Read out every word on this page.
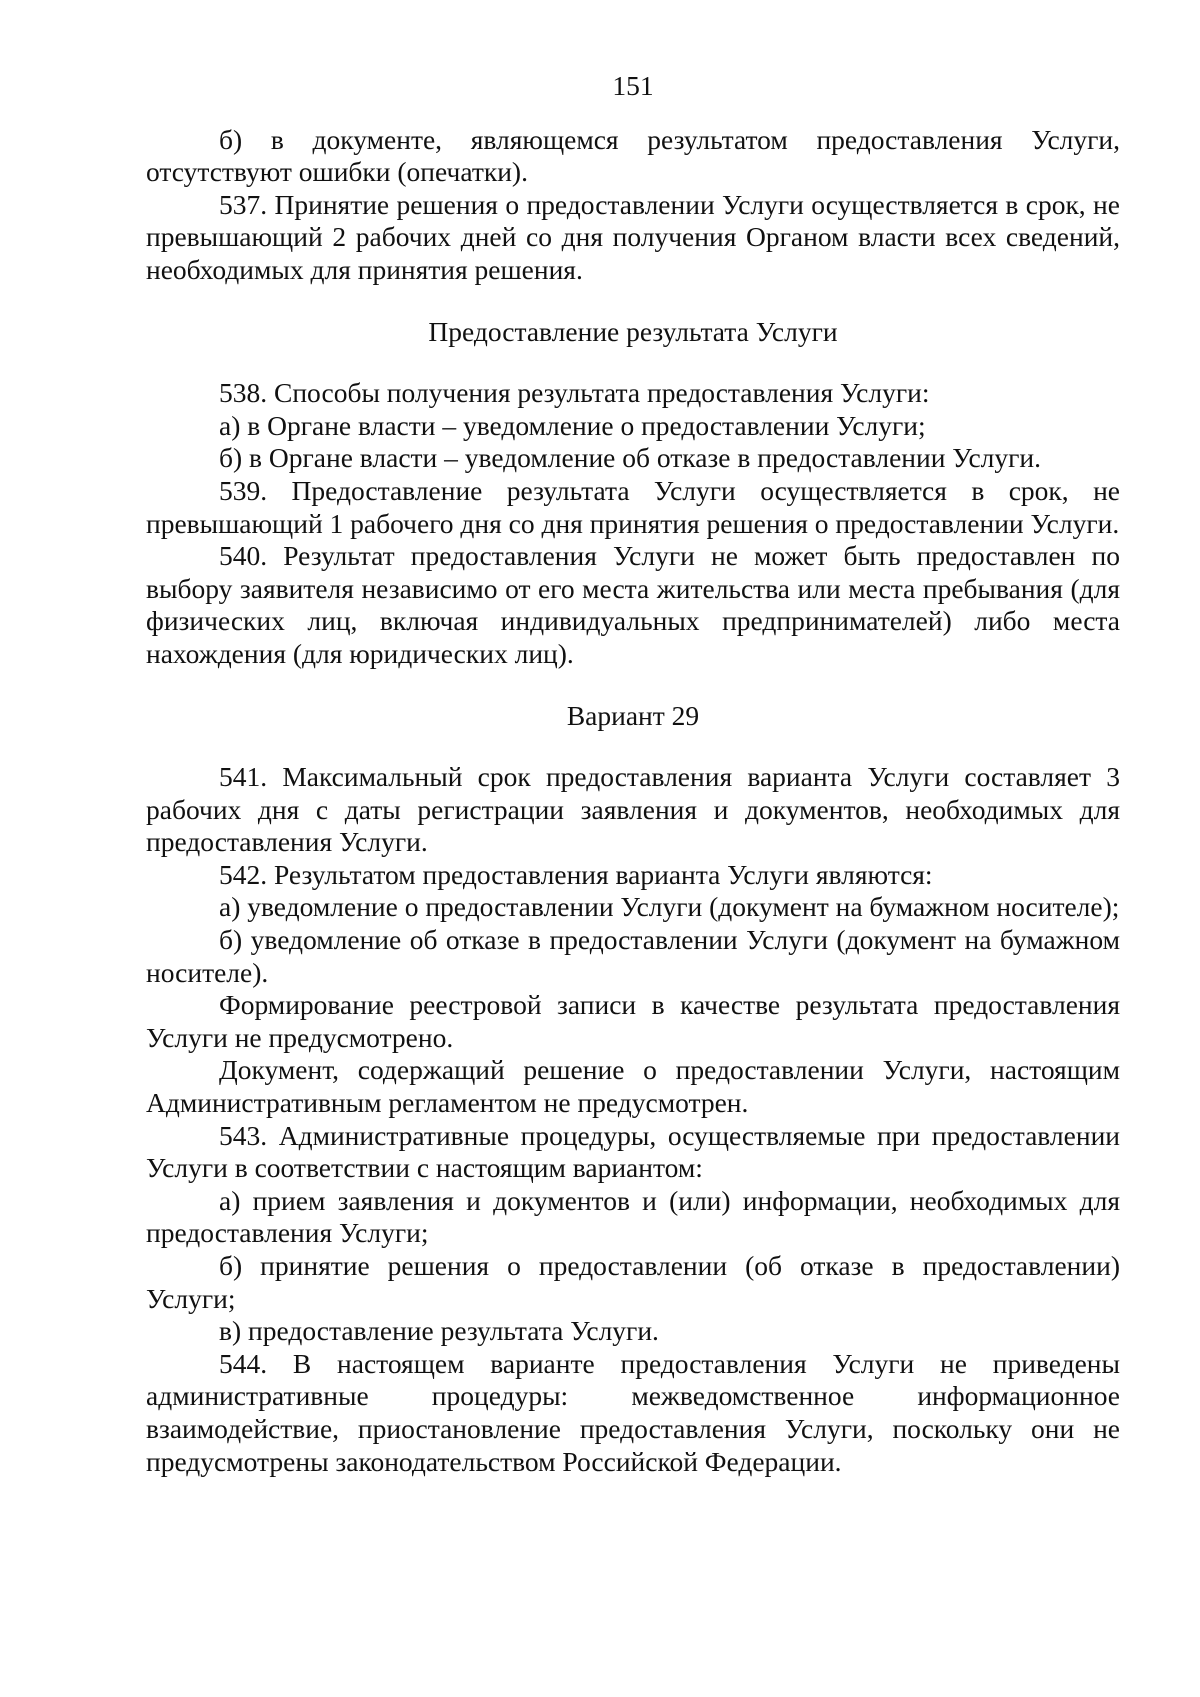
151

б) в документе, являющемся результатом предоставления Услуги, отсутствуют ошибки (опечатки).

537. Принятие решения о предоставлении Услуги осуществляется в срок, не превышающий 2 рабочих дней со дня получения Органом власти всех сведений, необходимых для принятия решения.

Предоставление результата Услуги

538. Способы получения результата предоставления Услуги:

а) в Органе власти – уведомление о предоставлении Услуги;

б) в Органе власти – уведомление об отказе в предоставлении Услуги.

539. Предоставление результата Услуги осуществляется в срок, не превышающий 1 рабочего дня со дня принятия решения о предоставлении Услуги.

540. Результат предоставления Услуги не может быть предоставлен по выбору заявителя независимо от его места жительства или места пребывания (для физических лиц, включая индивидуальных предпринимателей) либо места нахождения (для юридических лиц).

Вариант 29

541. Максимальный срок предоставления варианта Услуги составляет 3 рабочих дня с даты регистрации заявления и документов, необходимых для предоставления Услуги.

542. Результатом предоставления варианта Услуги являются:

а) уведомление о предоставлении Услуги (документ на бумажном носителе);

б) уведомление об отказе в предоставлении Услуги (документ на бумажном носителе).

Формирование реестровой записи в качестве результата предоставления Услуги не предусмотрено.

Документ, содержащий решение о предоставлении Услуги, настоящим Административным регламентом не предусмотрен.

543. Административные процедуры, осуществляемые при предоставлении Услуги в соответствии с настоящим вариантом:

а) прием заявления и документов и (или) информации, необходимых для предоставления Услуги;

б) принятие решения о предоставлении (об отказе в предоставлении) Услуги;

в) предоставление результата Услуги.

544. В настоящем варианте предоставления Услуги не приведены административные процедуры: межведомственное информационное взаимодействие, приостановление предоставления Услуги, поскольку они не предусмотрены законодательством Российской Федерации.
